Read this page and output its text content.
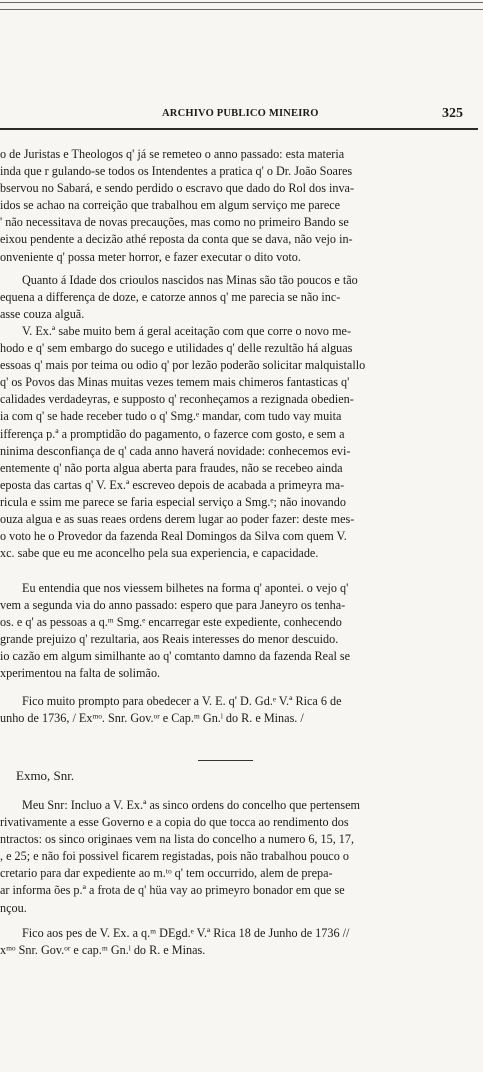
ARCHIVO PUBLICO MINEIRO	325
o de Juristas e Theologos q' já se remeteo o anno passado: esta materia
inda que r gulando-se todos os Intendentes a pratica q' o Dr. João Soares
bservou no Sabará, e sendo perdido o escravo que dado do Rol dos inva-
idos se achao na correição que trabalhou em algum serviço me parece
' não necessitava de novas precauções, mas como no primeiro Bando se
eixou pendente a decizão athé reposta da conta que se dava, não vejo in-
onveniente q' possa meter horror, e fazer executar o dito voto.
Quanto á Idade dos crioulos nascidos nas Minas são tão poucos e tão
equena a differença de doze, e catorze annos q' me parecia se não inc-
asse couza alguã.
V. Ex.ª sabe muito bem á geral aceitação com que corre o novo me-
hodo e q' sem embargo do sucego e utilidades q' delle rezultão há alguas
essoas q' mais por teima ou odio q' por lezão poderão solicitar malquistallo
q' os Povos das Minas muitas vezes temem mais chimeros fantasticas q'
calidades verdadeyras, e supposto q' reconheçamos a rezignada obedien-
ia com q' se hade receber tudo o q' Smg.ᵉ mandar, com tudo vay muita
ifferença p.ª a promptidão do pagamento, o fazerce com gosto, e sem a
ninima desconfiança de q' cada anno haverá novidade: conhecemos evi-
entemente q' não porta algua aberta para fraudes, não se recebeo ainda
eposta das cartas q' V. Ex.ª escreveo depois de acabada a primeyra ma-
ricula e ssim me parece se faria especial serviço a Smg.ᵉ; não inovando
ouza algua e as suas reaes ordens derem lugar ao poder fazer: deste mes-
o voto he o Provedor da fazenda Real Domingos da Silva com quem V.
xc. sabe que eu me aconcelho pela sua experiencia, e capacidade.
Eu entendia que nos viessem bilhetes na forma q' apontei. o vejo q'
vem a segunda via do anno passado: espero que para Janeyro os tenha-
os. e q' as pessoas a q.ᵐ Smg.ᵉ encarregar este expediente, conhecendo
grande prejuizo q' rezultaria, aos Reais interesses do menor descuido.
io cazão em algum similhante ao q' comtanto damno da fazenda Real se
xperimentou na falta de solimão.
Fico muito prompto para obedecer a V. E. q' D. Gd.ᵉ V.ª Rica 6 de
unho de 1736, / Exᵐᵒ. Snr. Gov.ᵒʳ e Cap.ᵐ Gn.ˡ do R. e Minas. /
Exmo, Snr.
Meu Snr: Incluo a V. Ex.ª as sinco ordens do concelho que pertensem
rivativamente a esse Governo e a copia do que tocca ao rendimento dos
ntractos: os sinco originaes vem na lista do concelho a numero 6, 15, 17,
, e 25; e não foi possivel ficarem registadas, pois não trabalhou pouco o
cretario para dar expediente ao m.ᵗᵒ q' tem occurrido, alem de prepa-
ar informa ões p.ª a frota de q' hüa vay ao primeyro bonador em que se
nçou.
Fico aos pes de V. Ex. a q.ᵐ DEgd.ᵉ V.ª Rica 18 de Junho de 1736 //
xᵐᵒ Snr. Gov.ᵒʳ e cap.ᵐ Gn.ˡ do R. e Minas.
